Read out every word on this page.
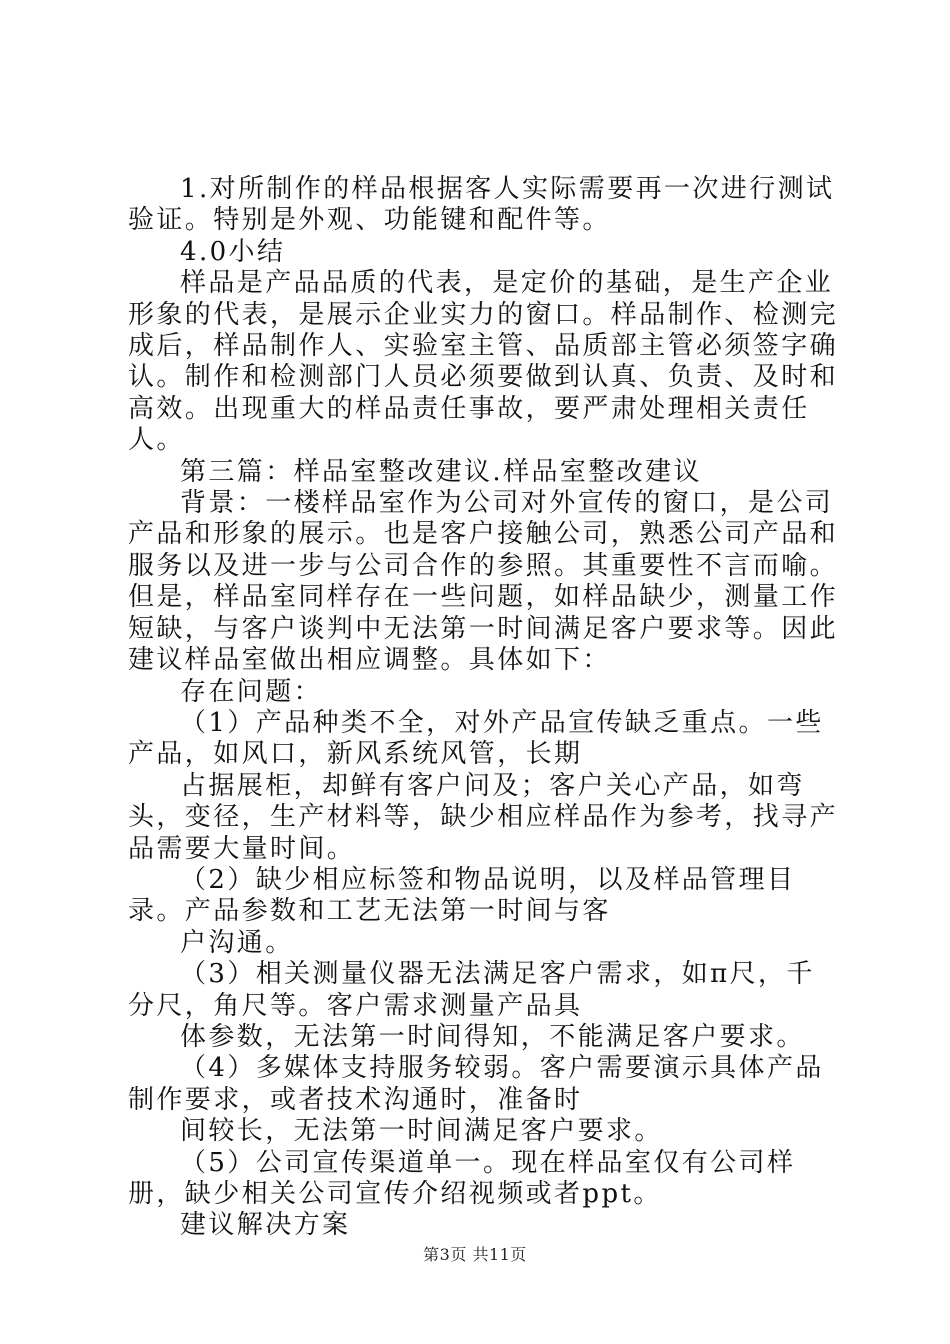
1.对所制作的样品根据客人实际需要再一次进行测试验证。特别是外观、功能键和配件等。

4.0小结

样品是产品品质的代表，是定价的基础，是生产企业形象的代表，是展示企业实力的窗口。样品制作、检测完成后，样品制作人、实验室主管、品质部主管必须签字确认。制作和检测部门人员必须要做到认真、负责、及时和高效。出现重大的样品责任事故，要严肃处理相关责任人。

第三篇：样品室整改建议.样品室整改建议

背景：一楼样品室作为公司对外宣传的窗口，是公司产品和形象的展示。也是客户接触公司，熟悉公司产品和服务以及进一步与公司合作的参照。其重要性不言而喻。但是，样品室同样存在一些问题，如样品缺少，测量工作短缺，与客户谈判中无法第一时间满足客户要求等。因此建议样品室做出相应调整。具体如下：

存在问题：

（1）产品种类不全，对外产品宣传缺乏重点。一些产品，如风口，新风系统风管，长期

占据展柜，却鲜有客户问及；客户关心产品，如弯头，变径，生产材料等，缺少相应样品作为参考，找寻产品需要大量时间。

（2）缺少相应标签和物品说明，以及样品管理目录。产品参数和工艺无法第一时间与客

户沟通。

（3）相关测量仪器无法满足客户需求，如π尺，千分尺，角尺等。客户需求测量产品具

体参数，无法第一时间得知，不能满足客户要求。

（4）多媒体支持服务较弱。客户需要演示具体产品制作要求，或者技术沟通时，准备时

间较长，无法第一时间满足客户要求。

（5）公司宣传渠道单一。现在样品室仅有公司样册，缺少相关公司宣传介绍视频或者ppt。

建议解决方案

第3页 共11页
